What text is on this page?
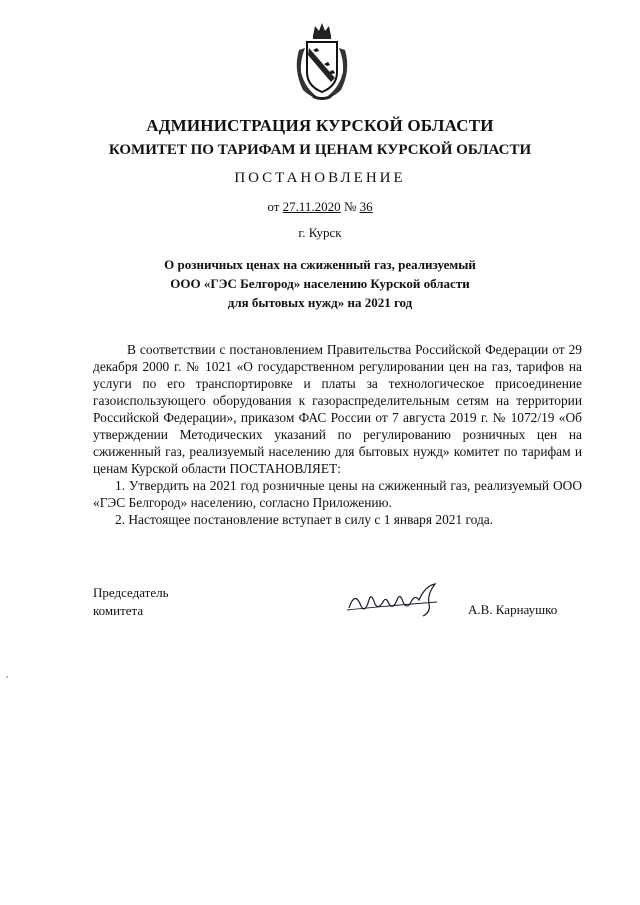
АДМИНИСТРАЦИЯ КУРСКОЙ ОБЛАСТИ
КОМИТЕТ ПО ТАРИФАМ И ЦЕНАМ КУРСКОЙ ОБЛАСТИ
ПОСТАНОВЛЕНИЕ
от 27.11.2020 № 36
г. Курск
О розничных ценах на сжиженный газ, реализуемый
ООО «ГЭС Белгород» населению Курской области
для бытовых нужд» на 2021 год

В соответствии с постановлением Правительства Российской Федерации от 29 декабря 2000 г. № 1021 «О государственном регулировании цен на газ, тарифов на услуги по его транспортировке и платы за технологическое присоединение газоиспользующего оборудования к газораспределительным сетям на территории Российской Федерации», приказом ФАС России от 7 августа 2019 г. № 1072/19 «Об утверждении Методических указаний по регулированию розничных цен на сжиженный газ, реализуемый населению для бытовых нужд» комитет по тарифам и ценам Курской области ПОСТАНОВЛЯЕТ:

1. Утвердить на 2021 год розничные цены на сжиженный газ, реализуемый ООО «ГЭС Белгород» населению, согласно Приложению.

2. Настоящее постановление вступает в силу с 1 января 2021 года.

Председатель
комитета	А.В. Карнаушко
